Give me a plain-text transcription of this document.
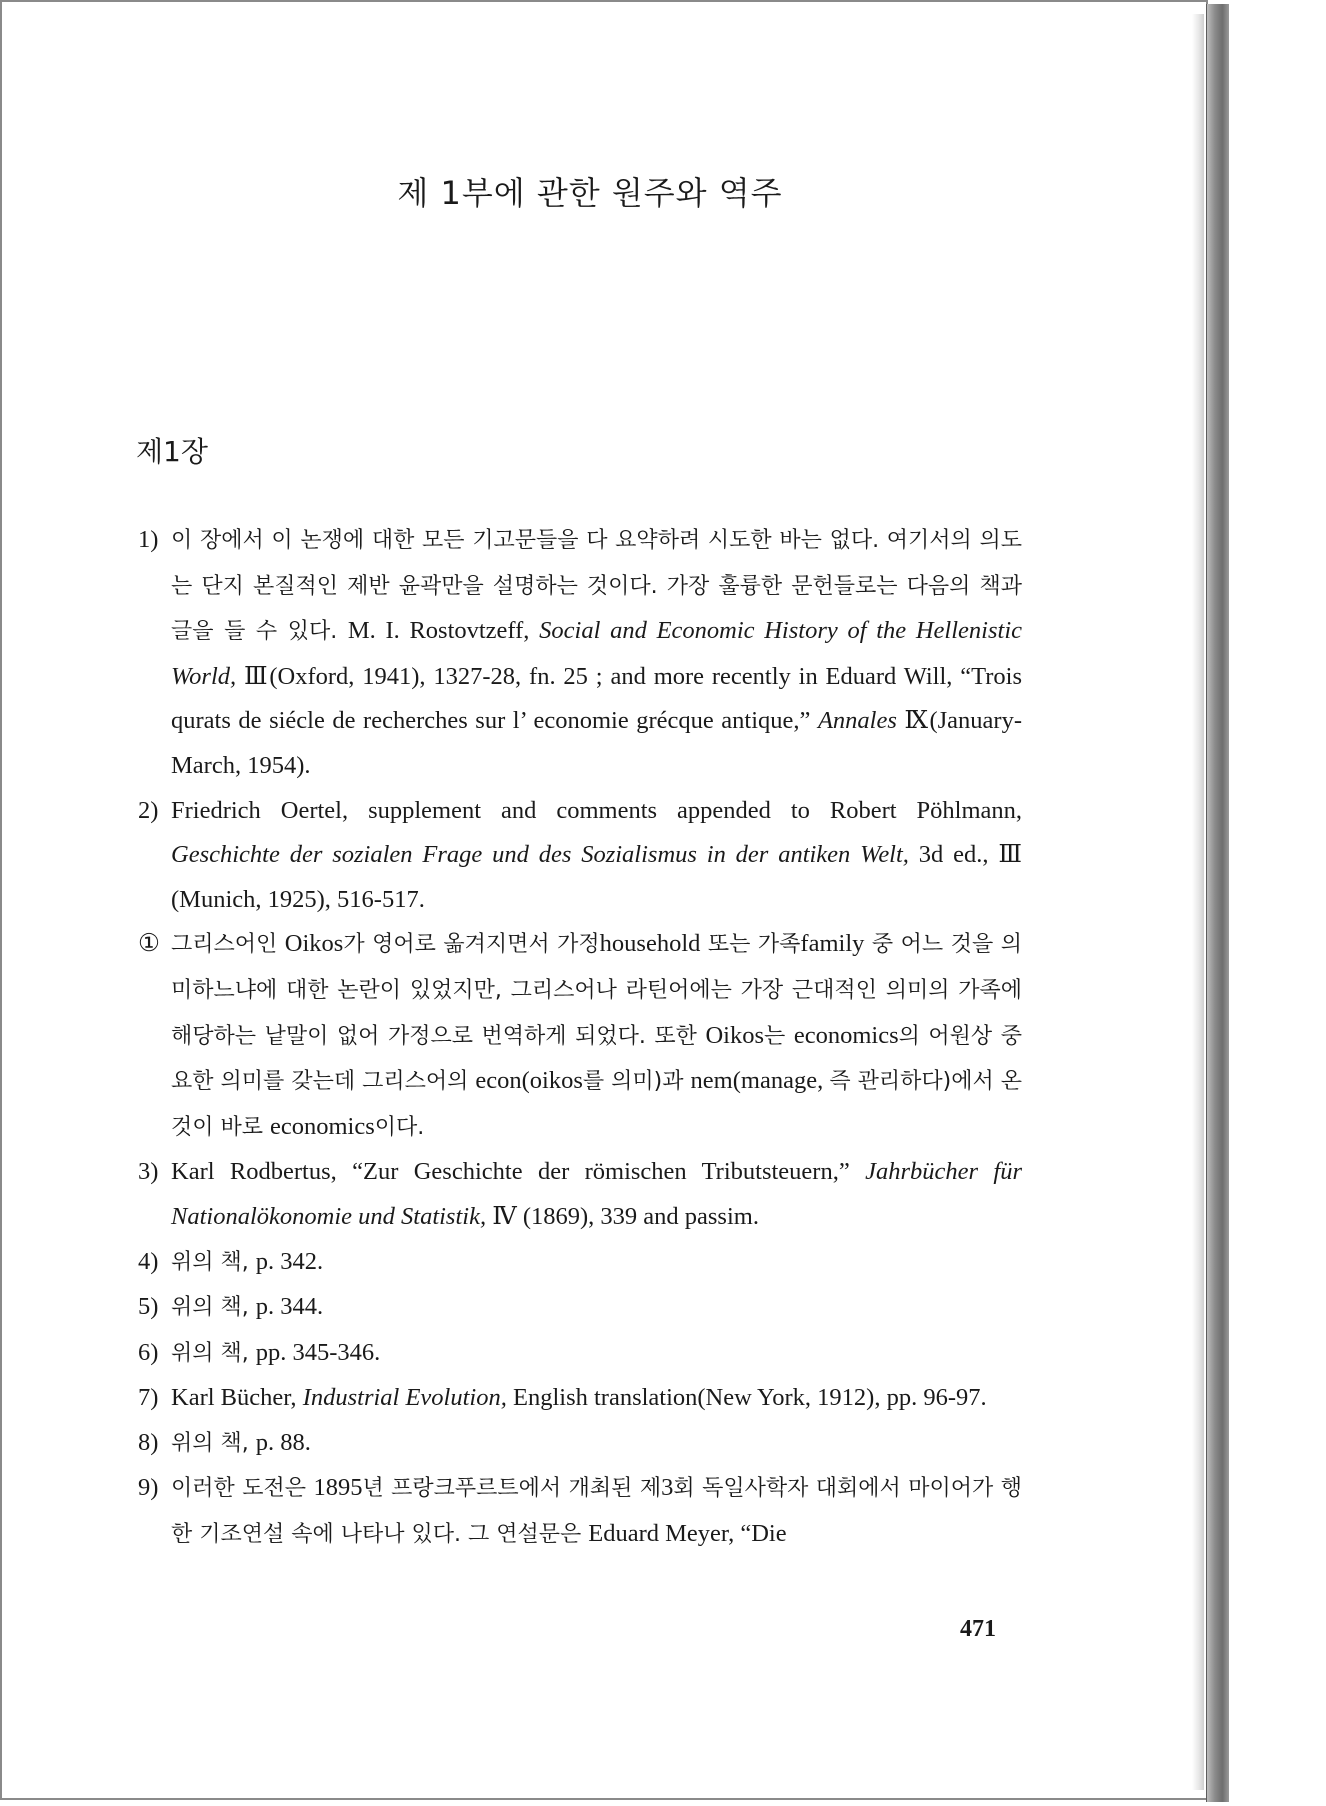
제 1부에 관한 원주와 역주
제1장
1) 이 장에서 이 논쟁에 대한 모든 기고문들을 다 요약하려 시도한 바는 없다. 여기서의 의도는 단지 본질적인 제반 윤곽만을 설명하는 것이다. 가장 훌륭한 문헌들로는 다음의 책과 글을 들 수 있다. M. I. Rostovtzeff, Social and Economic History of the Hellenistic World, Ⅲ(Oxford, 1941), 1327-28, fn. 25 ; and more recently in Eduard Will, “Trois qurats de siécle de recherches sur l’ economie grécque antique,” Annales Ⅸ(January-March, 1954).
2) Friedrich Oertel, supplement and comments appended to Robert Pöhlmann, Geschichte der sozialen Frage und des Sozialismus in der antiken Welt, 3d ed., Ⅲ (Munich, 1925), 516-517.
① 그리스어인 Oikos가 영어로 옮겨지면서 가정household 또는 가족family 중 어느 것을 의미하느냐에 대한 논란이 있었지만, 그리스어나 라틴어에는 가장 근대적인 의미의 가족에 해당하는 낱말이 없어 가정으로 번역하게 되었다. 또한 Oikos는 economics의 어원상 중요한 의미를 갖는데 그리스어의 econ(oikos를 의미)과 nem(manage, 즉 관리하다)에서 온 것이 바로 economics이다.
3) Karl Rodbertus, “Zur Geschichte der römischen Tributsteuern,” Jahrbücher für Nationalökonomie und Statistik, Ⅳ (1869), 339 and passim.
4) 위의 책, p. 342.
5) 위의 책, p. 344.
6) 위의 책, pp. 345-346.
7) Karl Bücher, Industrial Evolution, English translation(New York, 1912), pp. 96-97.
8) 위의 책, p. 88.
9) 이러한 도전은 1895년 프랑크푸르트에서 개최된 제3회 독일사학자 대회에서 마이어가 행한 기조연설 속에 나타나 있다. 그 연설문은 Eduard Meyer, “Die
471
